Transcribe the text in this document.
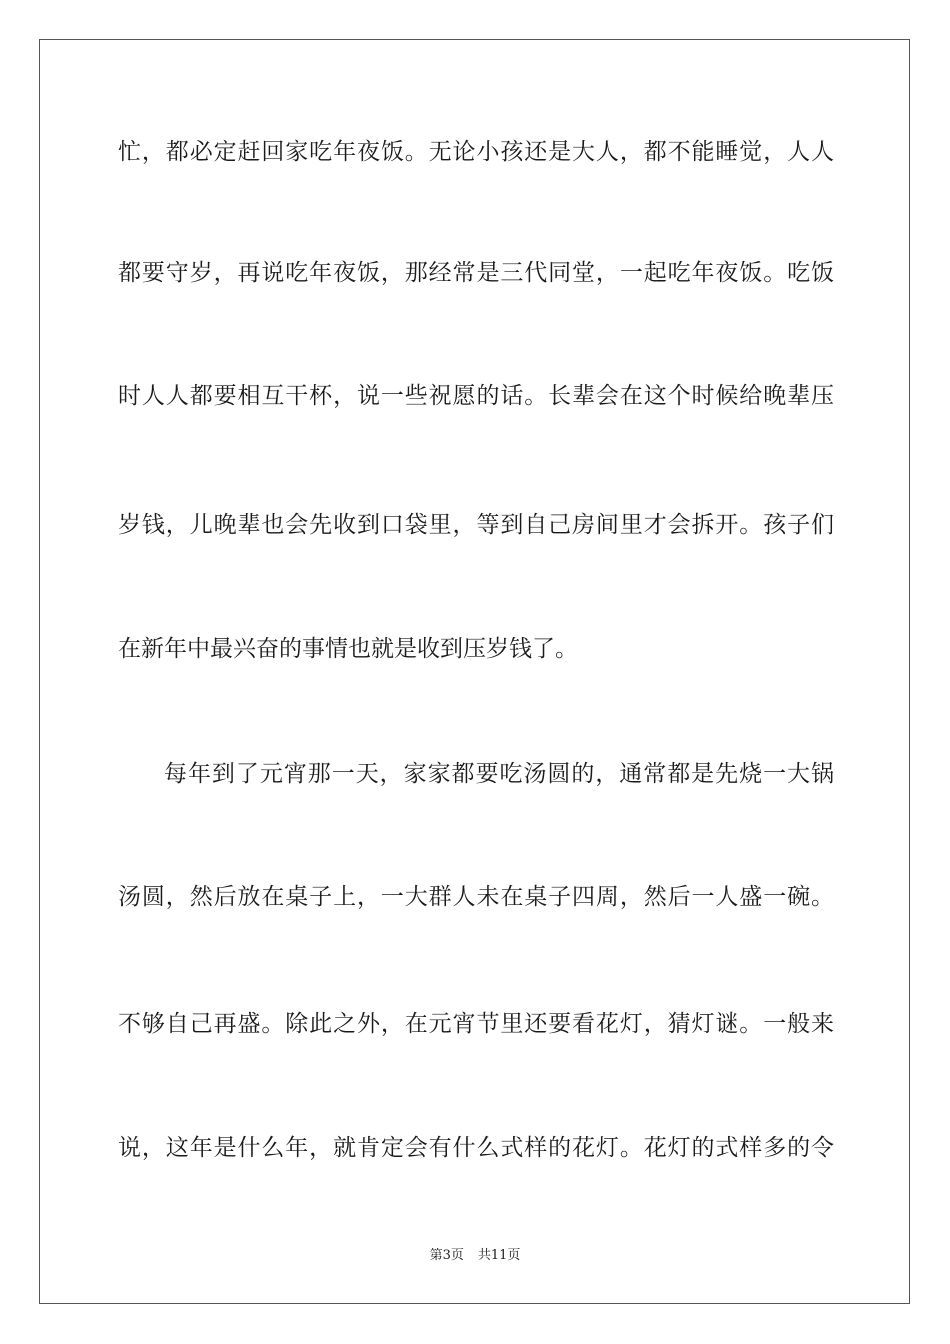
忙，都必定赶回家吃年夜饭。无论小孩还是大人，都不能睡觉，人人
都要守岁，再说吃年夜饭，那经常是三代同堂，一起吃年夜饭。吃饭
时人人都要相互干杯，说一些祝愿的话。长辈会在这个时候给晚辈压
岁钱，儿晚辈也会先收到口袋里，等到自己房间里才会拆开。孩子们
在新年中最兴奋的事情也就是收到压岁钱了。
每年到了元宵那一天，家家都要吃汤圆的，通常都是先烧一大锅
汤圆，然后放在桌子上，一大群人未在桌子四周，然后一人盛一碗。
不够自己再盛。除此之外，在元宵节里还要看花灯，猜灯谜。一般来
说，这年是什么年，就肯定会有什么式样的花灯。花灯的式样多的令
第3页 共11页
